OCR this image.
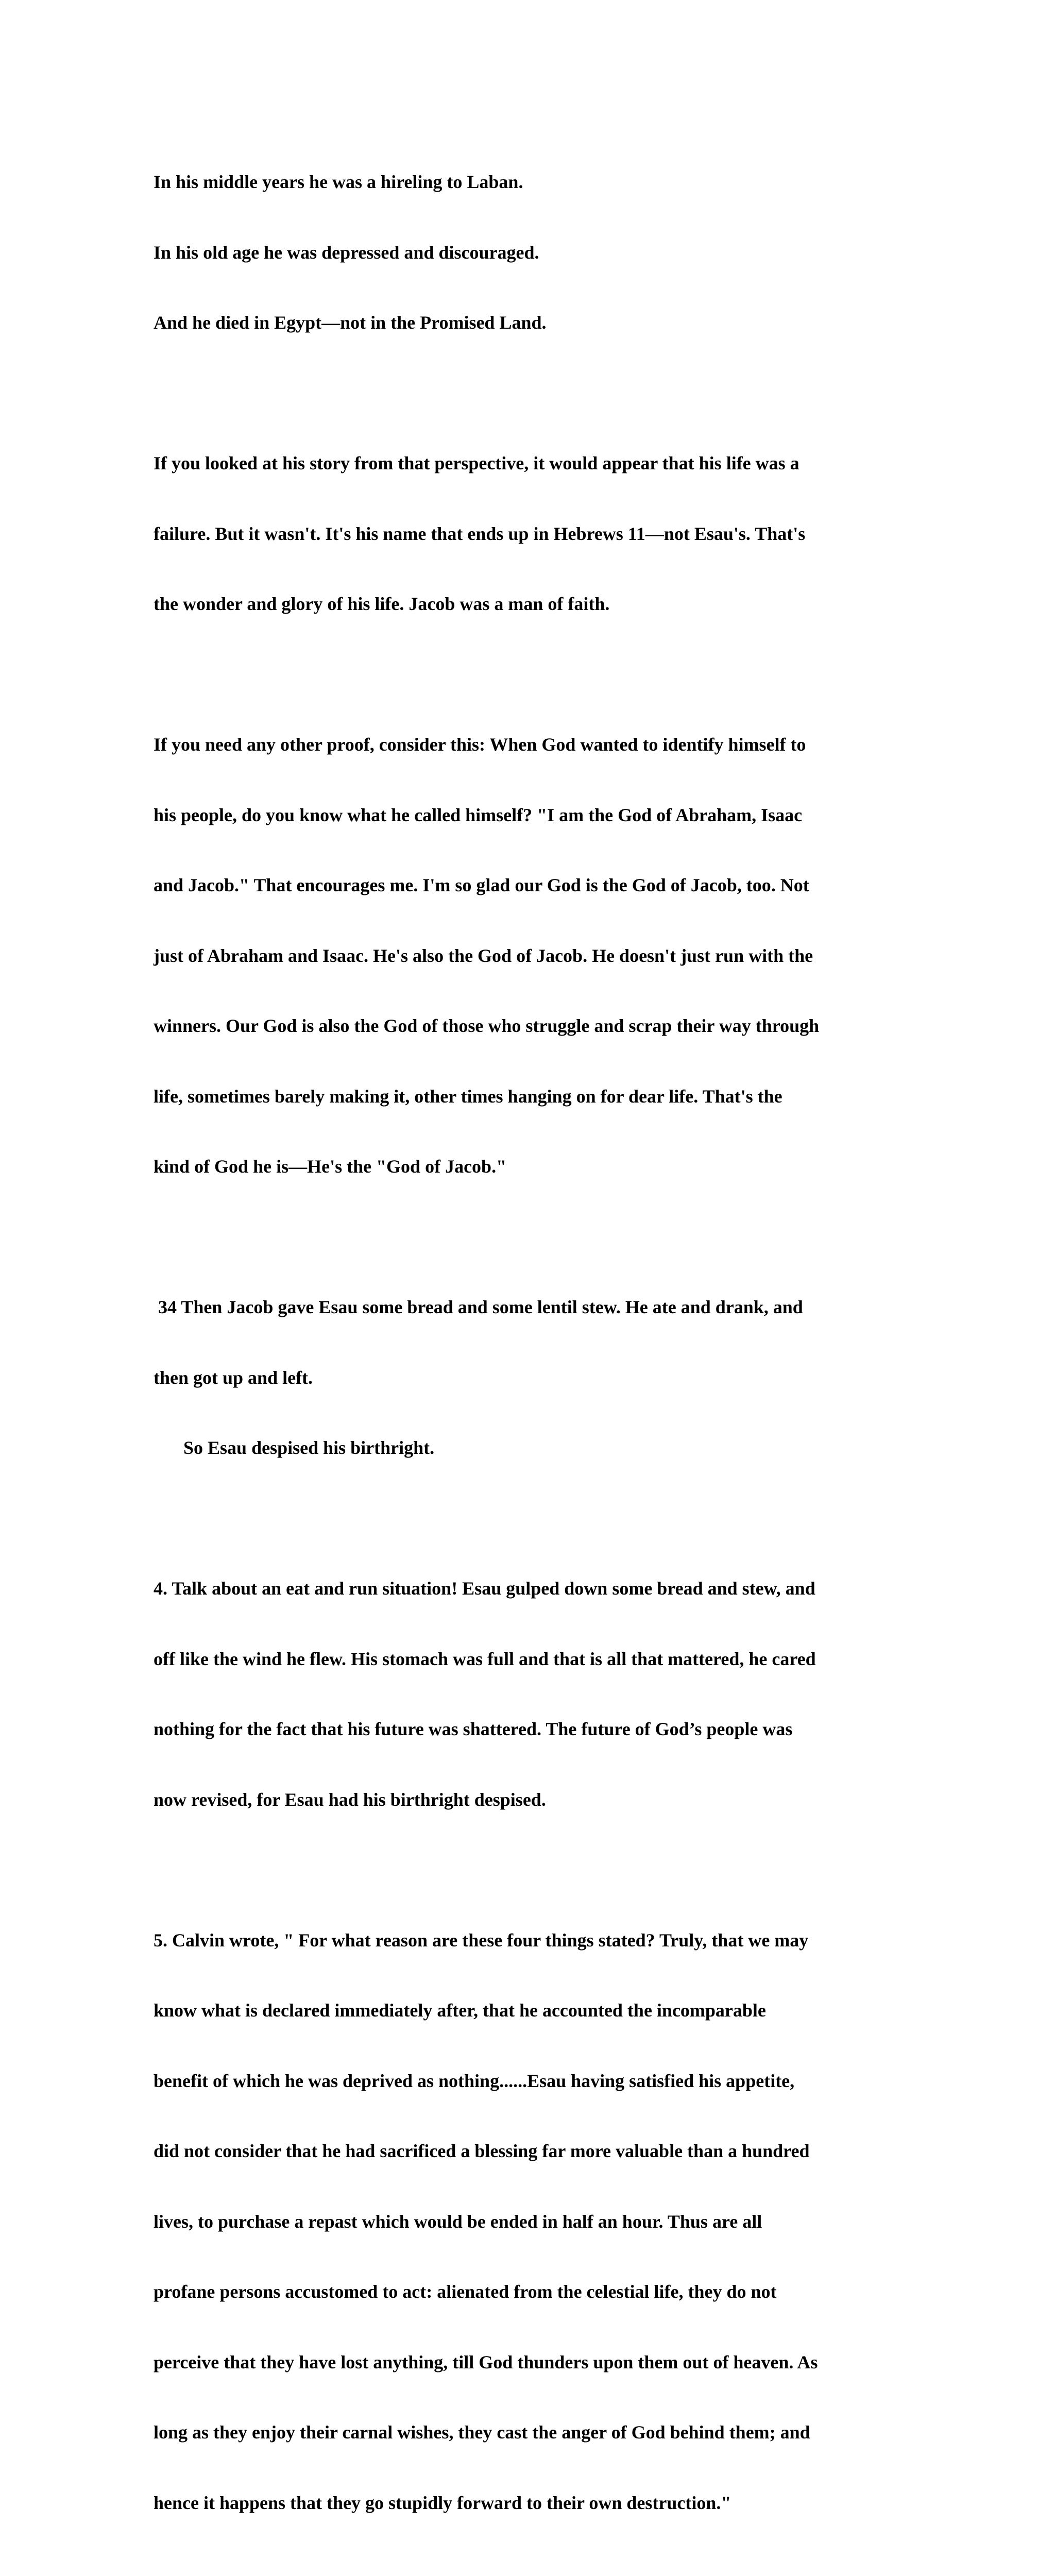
In his middle years he was a hireling to Laban.

In his old age he was depressed and discouraged.

And he died in Egypt—not in the Promised Land.

If you looked at his story from that perspective, it would appear that his life was a

failure. But it wasn't. It's his name that ends up in Hebrews 11—not Esau's. That's

the wonder and glory of his life. Jacob was a man of faith.

If you need any other proof, consider this: When God wanted to identify himself to

his people, do you know what he called himself? "I am the God of Abraham, Isaac

and Jacob." That encourages me. I'm so glad our God is the God of Jacob, too. Not

just of Abraham and Isaac. He's also the God of Jacob. He doesn't just run with the

winners. Our God is also the God of those who struggle and scrap their way through

life, sometimes barely making it, other times hanging on for dear life. That's the

kind of God he is—He's the "God of Jacob."

34 Then Jacob gave Esau some bread and some lentil stew. He ate and drank, and

then got up and left.

So Esau despised his birthright.

4. Talk about an eat and run situation! Esau gulped down some bread and stew, and

off like the wind he flew. His stomach was full and that is all that mattered, he cared

nothing for the fact that his future was shattered. The future of God’s people was

now revised, for Esau had his birthright despised.

5. Calvin wrote, " For what reason are these four things stated? Truly, that we may

know what is declared immediately after, that he accounted the incomparable

benefit of which he was deprived as nothing......Esau having satisfied his appetite,

did not consider that he had sacrificed a blessing far more valuable than a hundred

lives, to purchase a repast which would be ended in half an hour. Thus are all

profane persons accustomed to act: alienated from the celestial life, they do not

perceive that they have lost anything, till God thunders upon them out of heaven. As

long as they enjoy their carnal wishes, they cast the anger of God behind them; and

hence it happens that they go stupidly forward to their own destruction."
